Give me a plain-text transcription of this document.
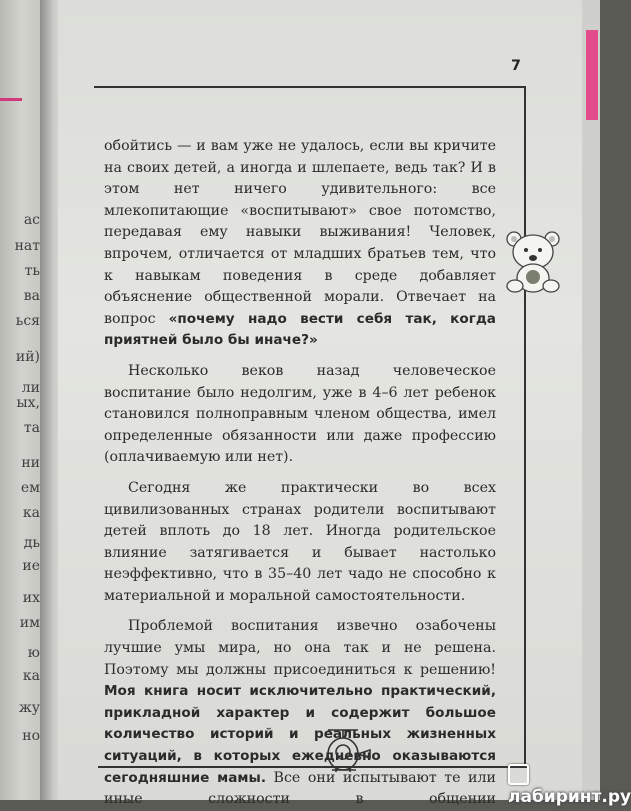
ас
нат
ть
ва
ься
ий)
ли
ых,
та
ни
ем
ка
дь
ие
их
им
ю
ка
жу
но
7

обойтись — и вам уже не удалось, если вы кричите на своих детей, а иногда и шлепаете, ведь так? И в этом нет ничего удивительного: все млекопитающие «воспитывают» свое потомство, передавая ему навыки выживания! Человек, впрочем, отличается от младших братьев тем, что к навыкам поведения в среде добавляет объяснение общественной морали. Отвечает на вопрос «почему надо вести себя так, когда приятней было бы иначе?»

Несколько веков назад человеческое воспитание было недолгим, уже в 4–6 лет ребенок становился полноправным членом общества, имел определенные обязанности или даже профессию (оплачиваемую или нет).

Сегодня же практически во всех цивилизованных странах родители воспитывают детей вплоть до 18 лет. Иногда родительское влияние затягивается и бывает настолько неэффективно, что в 35–40 лет чадо не способно к материальной и моральной самостоятельности.

Проблемой воспитания извечно озабочены лучшие умы мира, но она так и не решена. Поэтому мы должны присоединиться к решению! Моя книга носит исключительно практический, прикладной характер и содержит большое количество историй и реальных жизненных ситуаций, в которых ежедневно оказываются сегодняшние мамы. Все они испытывают те или иные сложности в общении лабиринт.ру
